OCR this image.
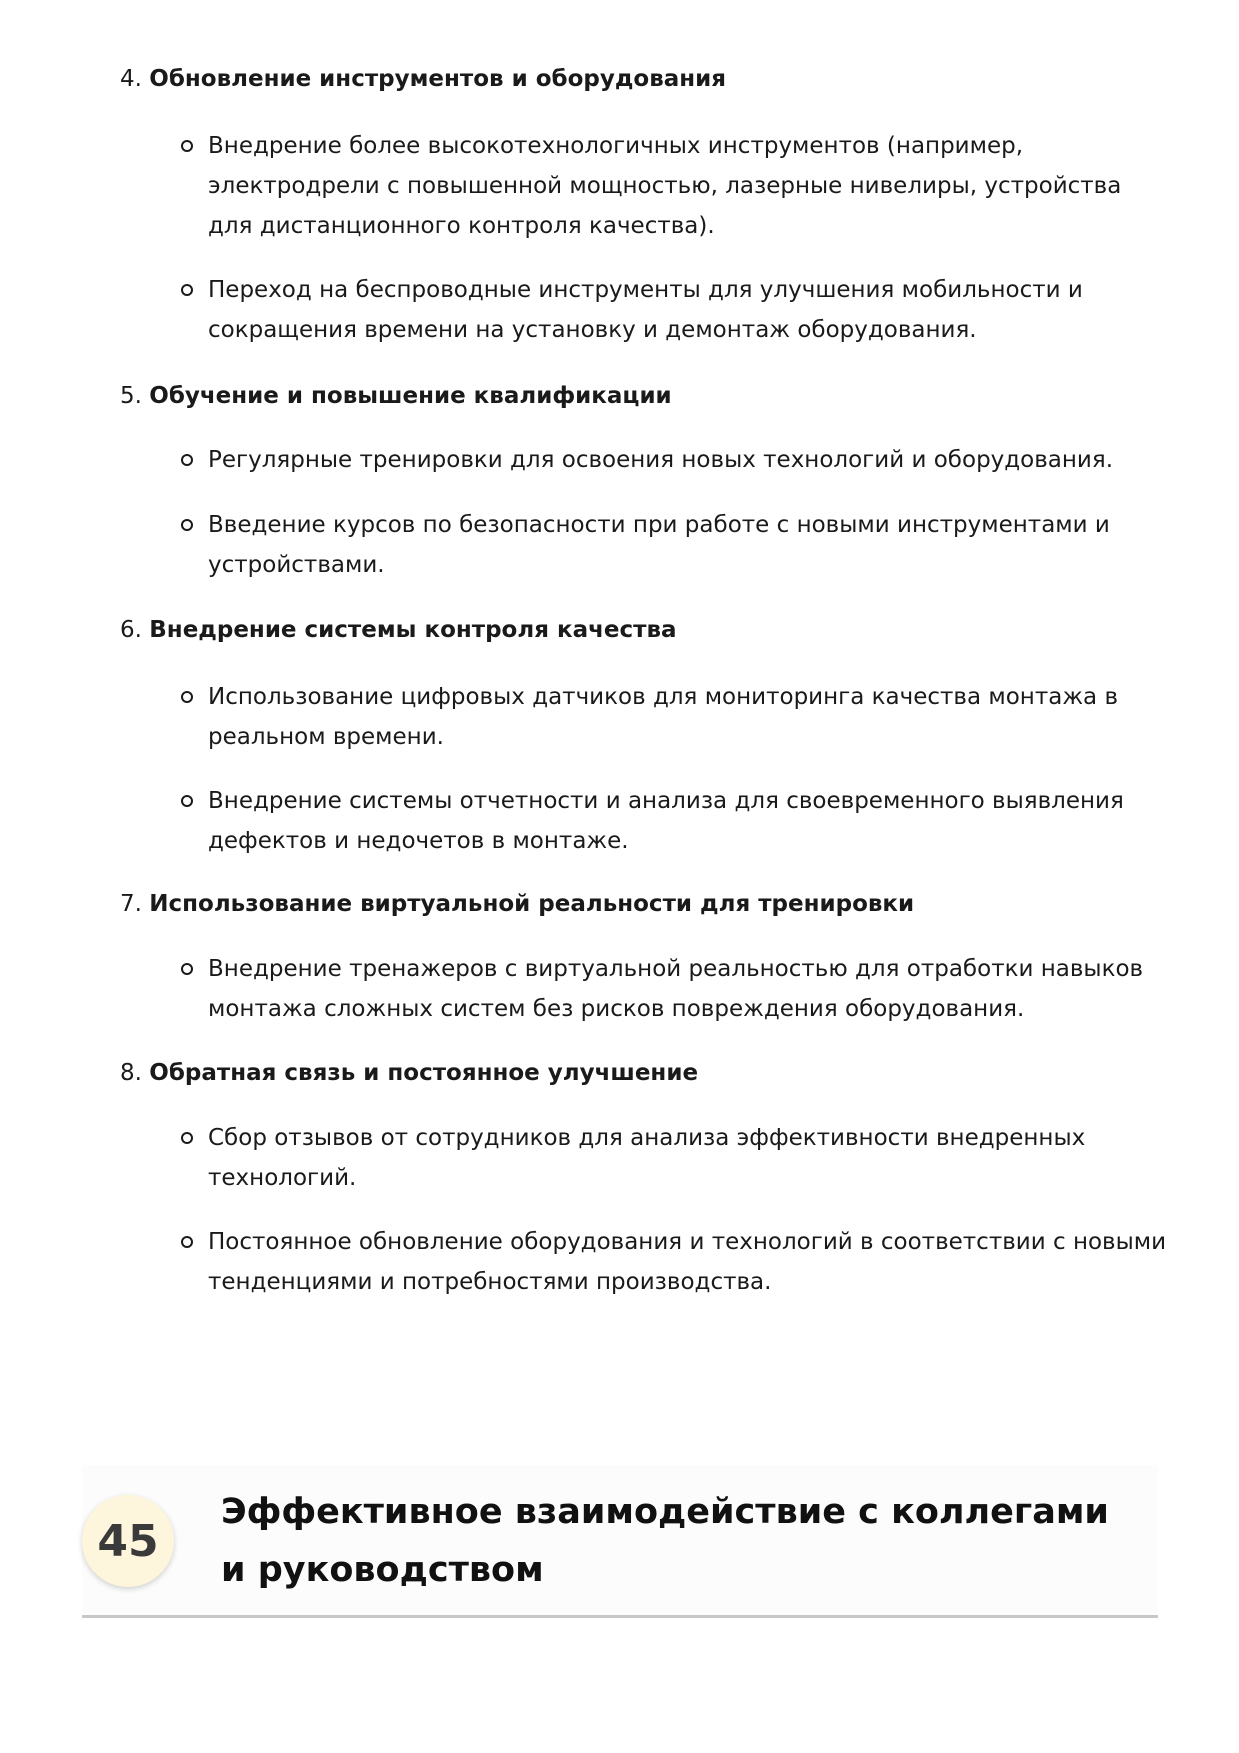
4. Обновление инструментов и оборудования
Внедрение более высокотехнологичных инструментов (например, электродрели с повышенной мощностью, лазерные нивелиры, устройства для дистанционного контроля качества).
Переход на беспроводные инструменты для улучшения мобильности и сокращения времени на установку и демонтаж оборудования.
5. Обучение и повышение квалификации
Регулярные тренировки для освоения новых технологий и оборудования.
Введение курсов по безопасности при работе с новыми инструментами и устройствами.
6. Внедрение системы контроля качества
Использование цифровых датчиков для мониторинга качества монтажа в реальном времени.
Внедрение системы отчетности и анализа для своевременного выявления дефектов и недочетов в монтаже.
7. Использование виртуальной реальности для тренировки
Внедрение тренажеров с виртуальной реальностью для отработки навыков монтажа сложных систем без рисков повреждения оборудования.
8. Обратная связь и постоянное улучшение
Сбор отзывов от сотрудников для анализа эффективности внедренных технологий.
Постоянное обновление оборудования и технологий в соответствии с новыми тенденциями и потребностями производства.
45
Эффективное взаимодействие с коллегами и руководством
